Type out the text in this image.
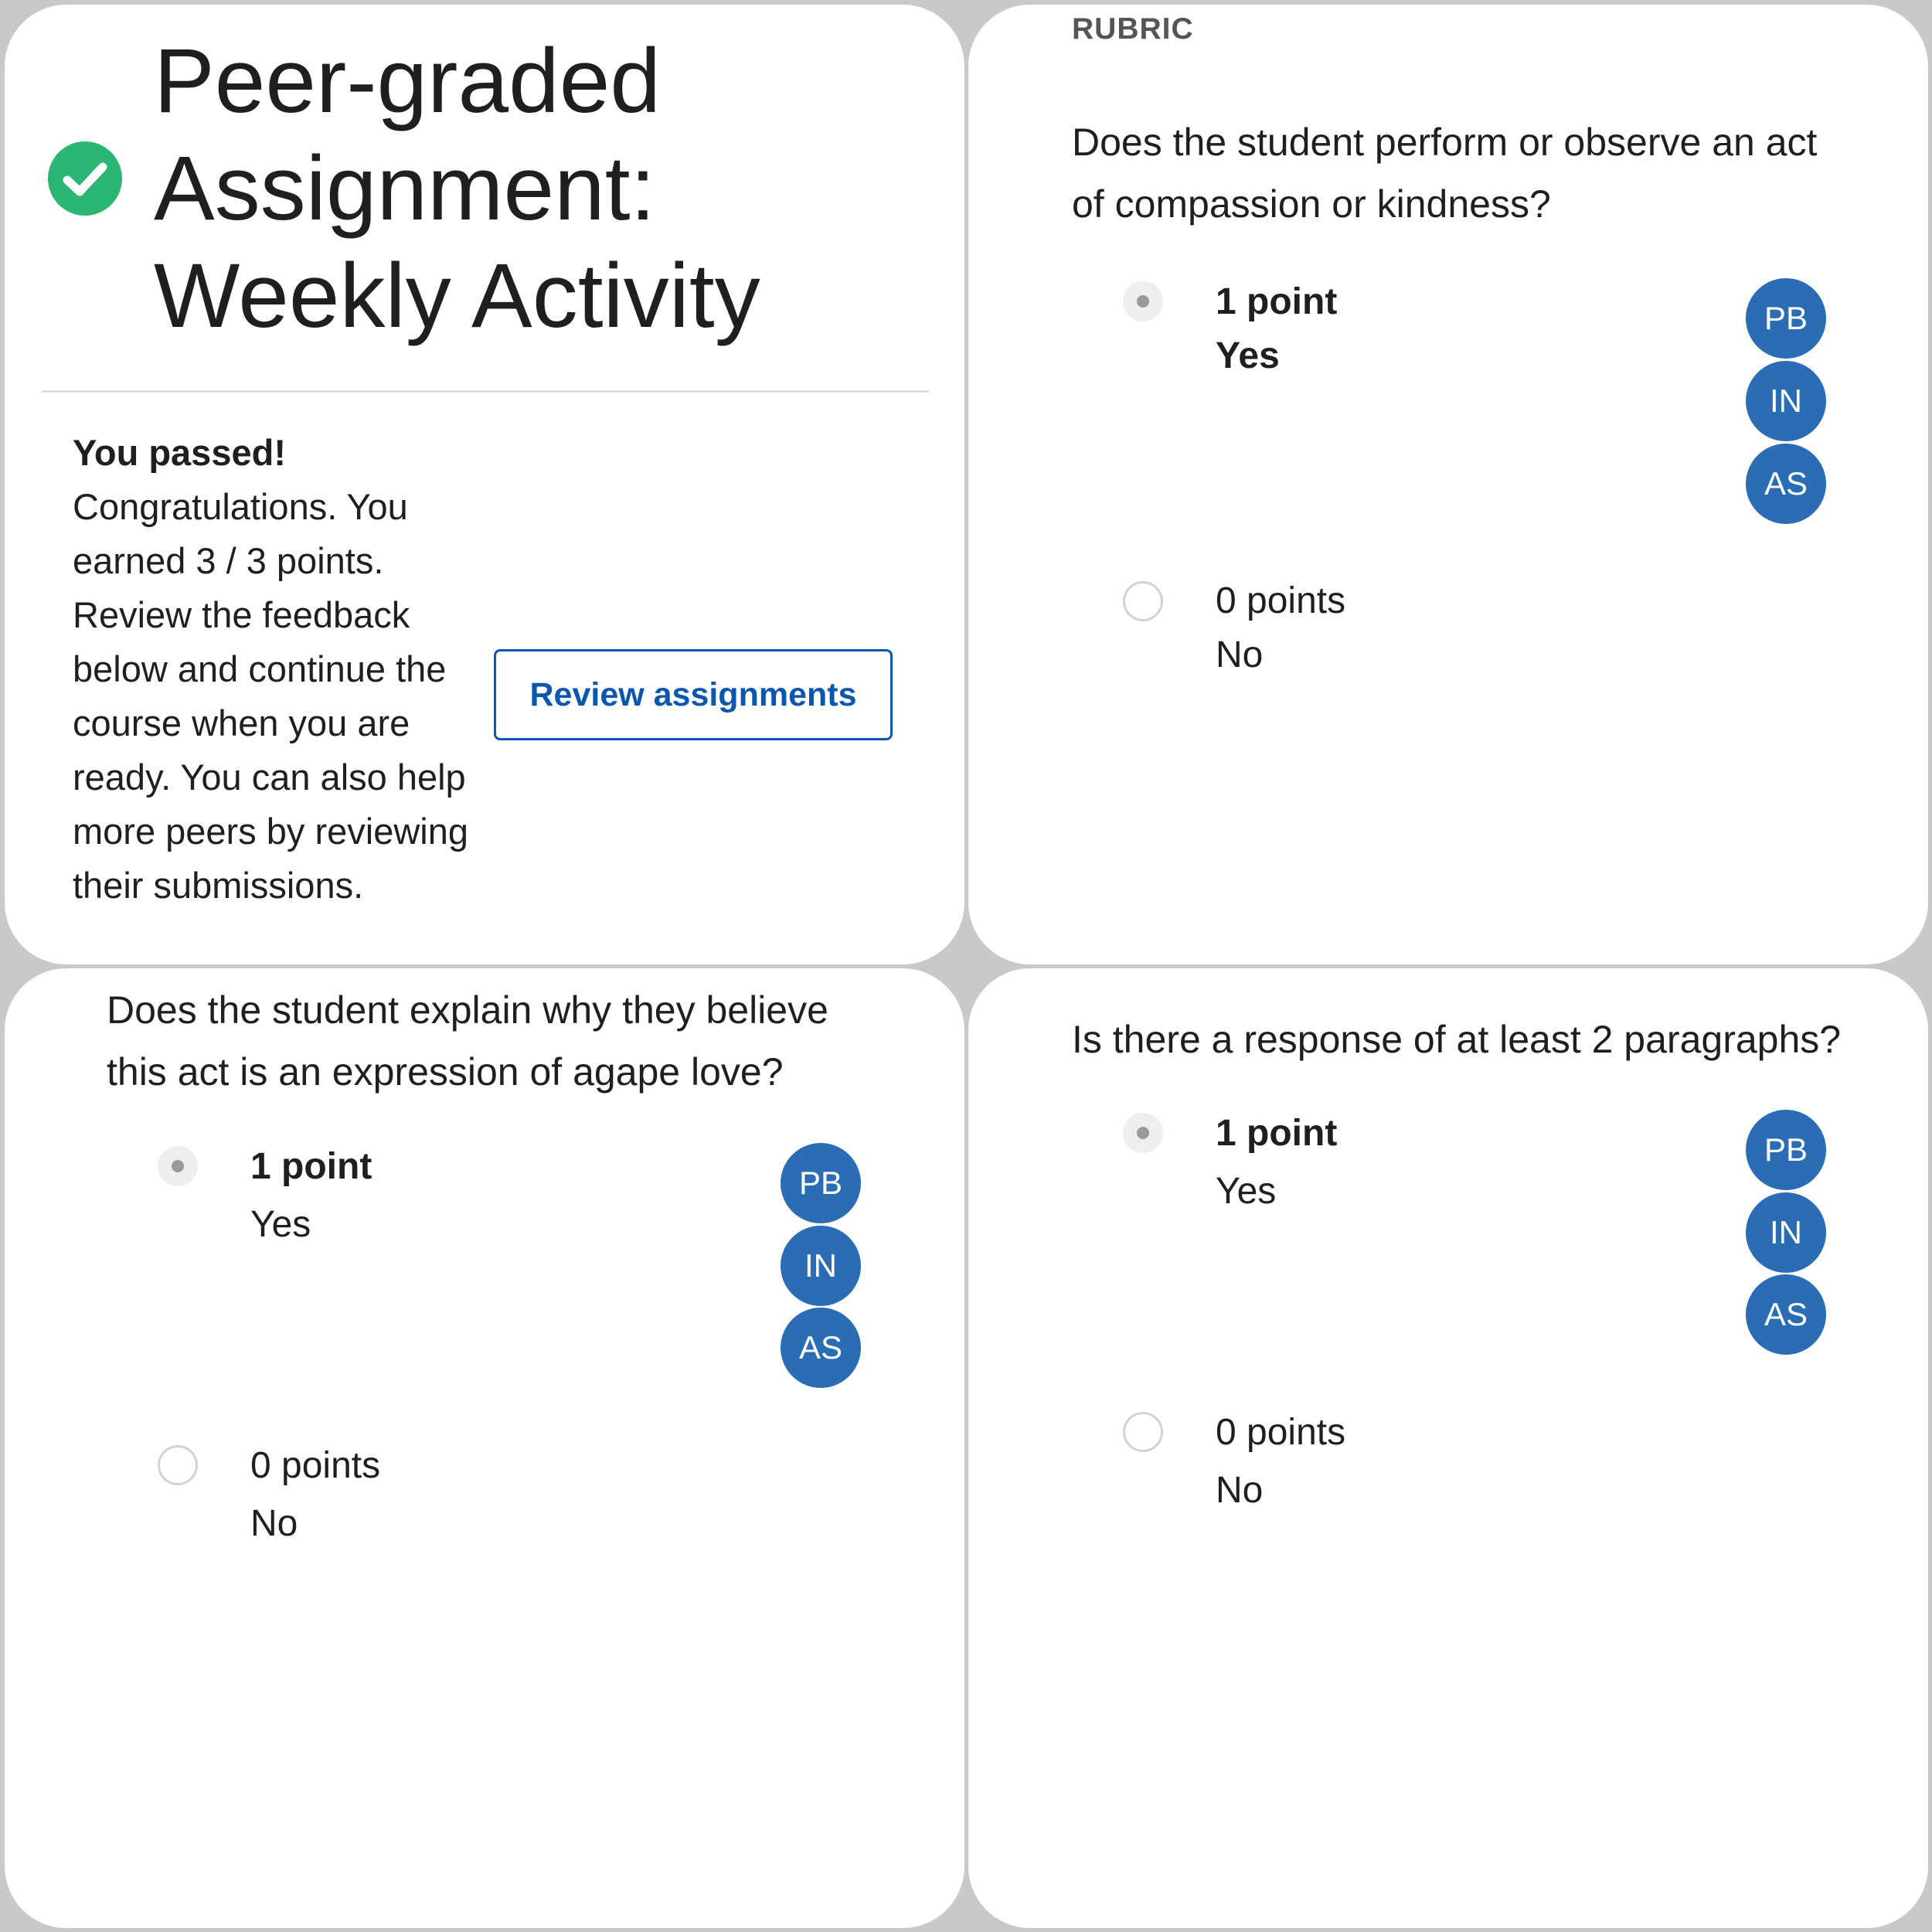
Peer-graded
Assignment:
Weekly Activity
You passed!
Congratulations. You earned 3 / 3 points. Review the feedback below and continue the course when you are ready. You can also help more peers by reviewing their submissions.
Review assignments
RUBRIC
Does the student perform or observe an act of compassion or kindness?
1 point
Yes
PB
IN
AS
0 points
No
Does the student explain why they believe this act is an expression of agape love?
1 point
Yes
PB
IN
AS
0 points
No
Is there a response of at least 2 paragraphs?
1 point
Yes
PB
IN
AS
0 points
No
